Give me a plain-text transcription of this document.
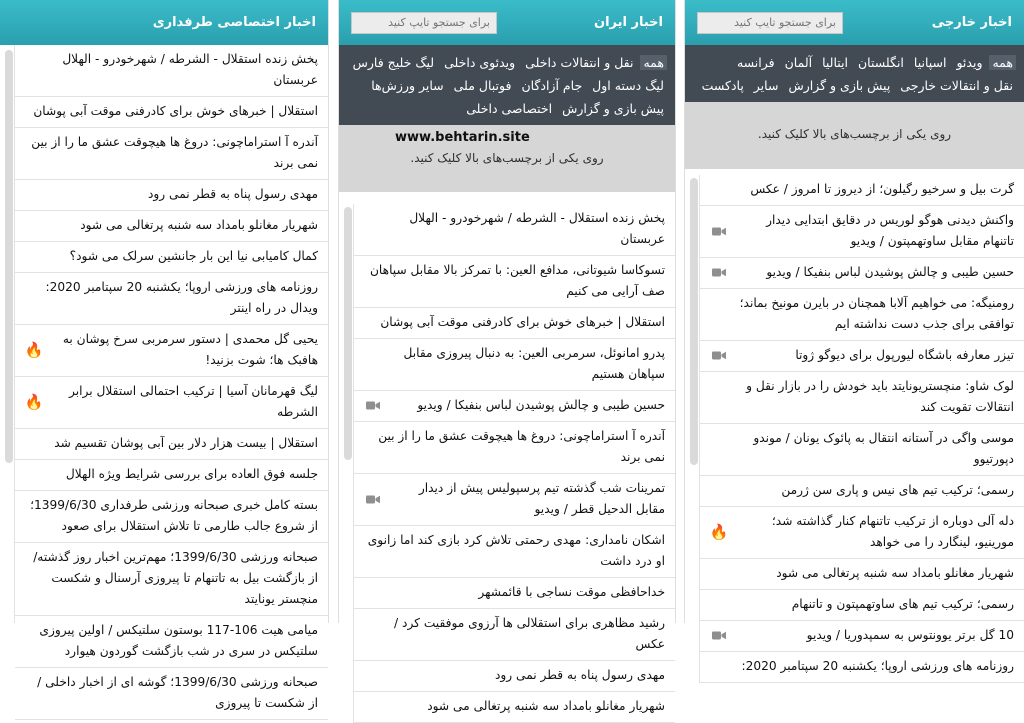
اخبار اختصاصی طرفداری
پخش زنده استقلال - الشرطه / شهرخودرو - الهلال عربستان
استقلال | خبرهای خوش برای کادرفنی موقت آبی پوشان
آندره آ استراماچونی: دروغ ها هیچوقت عشق ما را از بین نمی برند
مهدی رسول پناه به قطر نمی رود
شهریار مغانلو بامداد سه شنبه پرتغالی می شود
کمال کامیابی نیا این بار جانشین سرلک می شود؟
روزنامه های ورزشی اروپا؛ یکشنبه 20 سپتامبر 2020: ویدال در راه اینتر
یحیی گل محمدی | دستور سرمربی سرخ پوشان به هافبک ها؛ شوت بزنید!
🔥
لیگ قهرمانان آسیا | ترکیب احتمالی استقلال برابر الشرطه
🔥
استقلال | بیست هزار دلار بین آبی پوشان تقسیم شد
جلسه فوق العاده برای بررسی شرایط ویژه الهلال
بسته کامل خبری صبحانه ورزشی طرفداری 1399/6/30؛ از شروع جالب طارمی تا تلاش استقلال برای صعود
صبحانه ورزشی 1399/6/30؛ مهم‌ترین اخبار روز گذشته/ از بازگشت بیل به تاتنهام تا پیروزی آرسنال و شکست منچستر یونایتد
میامی هیت 106-117 بوستون سلتیکس / اولین پیروزی سلتیکس در سری در شب بازگشت گوردون هیوارد
صبحانه ورزشی 1399/6/30؛ گوشه ای از اخبار داخلی / از شکست تا پیروزی
اخبار ایران
برای جستجو تایپ کنید
همه نقل و انتقالات داخلی ویدئوی داخلی لیگ خلیج فارس لیگ دسته اول جام آزادگان فوتبال ملی سایر ورزش‌ها پیش بازی و گزارش اختصاصی داخلی
www.behtarin.site
روی یکی از برچسب‌های بالا کلیک کنید.
پخش زنده استقلال - الشرطه / شهرخودرو - الهلال عربستان
تسوکاسا شیوتانی، مدافع العین: با تمرکز بالا مقابل سپاهان صف آرایی می کنیم
استقلال | خبرهای خوش برای کادرفنی موقت آبی پوشان
پدرو امانوئل، سرمربی العین: به دنبال پیروزی مقابل سپاهان هستیم
حسین طیبی و چالش پوشیدن لباس بنفیکا / ویدیو
آندره آ استراماچونی: دروغ ها هیچوقت عشق ما را از بین نمی برند
تمرینات شب گذشته تیم پرسپولیس پیش از دیدار مقابل الدحیل قطر / ویدیو
اشکان نامداری: مهدی رحمتی تلاش کرد بازی کند اما زانوی او درد داشت
خداحافظی موقت نساجی با قائمشهر
رشید مظاهری برای استقلالی ها آرزوی موفقیت کرد / عکس
مهدی رسول پناه به قطر نمی رود
شهریار مغانلو بامداد سه شنبه پرتغالی می شود
اخبار خارجی
برای جستجو تایپ کنید
همه ویدئو اسپانیا انگلستان ایتالیا آلمان فرانسه نقل و انتقالات خارجی پیش بازی و گزارش سایر پادکست
روی یکی از برچسب‌های بالا کلیک کنید.
گرت بیل و سرخیو رگیلون؛ از دیروز تا امروز / عکس
واکنش دیدنی هوگو لوریس در دقایق ابتدایی دیدار تاتنهام مقابل ساوتهمپتون / ویدیو
حسین طیبی و چالش پوشیدن لباس بنفیکا / ویدیو
رومنیگه: می خواهیم آلابا همچنان در بایرن مونیخ بماند؛ توافقی برای جذب دست نداشته ایم
تیزر معارفه باشگاه لیورپول برای دیوگو ژوتا
لوک شاو: منچستریونایتد باید خودش را در بازار نقل و انتقالات تقویت کند
موسی واگی در آستانه انتقال به پائوک یونان / موندو دپورتیوو
رسمی؛ ترکیب تیم های نیس و پاری سن ژرمن
دله آلی دوباره از ترکیب تاتنهام کنار گذاشته شد؛ مورینیو، لینگارد را می خواهد
🔥
شهریار مغانلو بامداد سه شنبه پرتغالی می شود
رسمی؛ ترکیب تیم های ساوتهمپتون و تاتنهام
10 گل برتر یوونتوس به سمپدوریا / ویدیو
روزنامه های ورزشی اروپا؛ یکشنبه 20 سپتامبر 2020:
